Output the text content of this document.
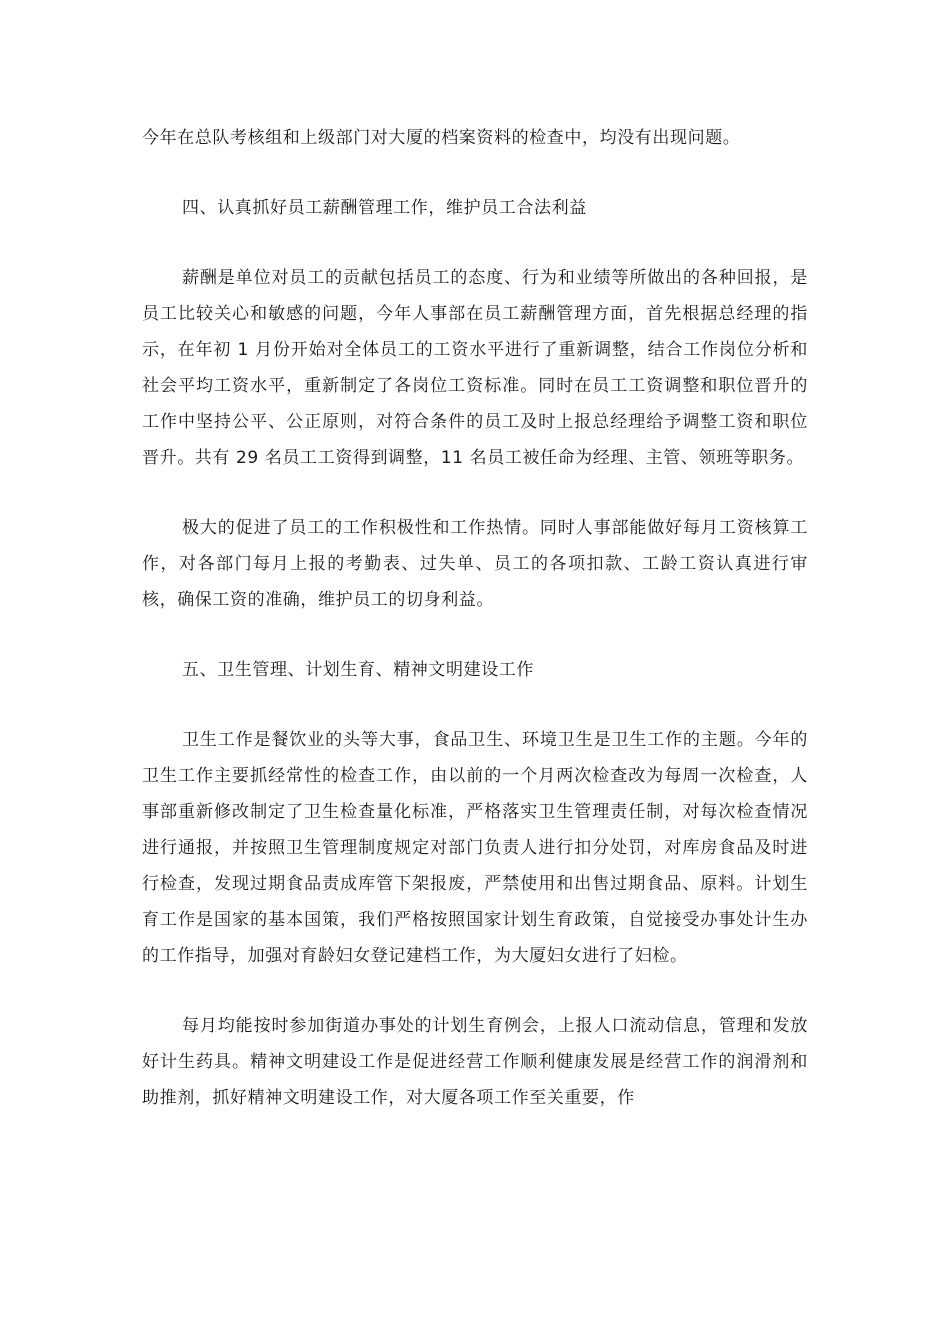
今年在总队考核组和上级部门对大厦的档案资料的检查中，均没有出现问题。

四、认真抓好员工薪酬管理工作，维护员工合法利益

薪酬是单位对员工的贡献包括员工的态度、行为和业绩等所做出的各种回报，是员工比较关心和敏感的问题，今年人事部在员工薪酬管理方面，首先根据总经理的指示，在年初 1 月份开始对全体员工的工资水平进行了重新调整，结合工作岗位分析和社会平均工资水平，重新制定了各岗位工资标准。同时在员工工资调整和职位晋升的工作中坚持公平、公正原则，对符合条件的员工及时上报总经理给予调整工资和职位晋升。共有 29 名员工工资得到调整，11 名员工被任命为经理、主管、领班等职务。

极大的促进了员工的工作积极性和工作热情。同时人事部能做好每月工资核算工作，对各部门每月上报的考勤表、过失单、员工的各项扣款、工龄工资认真进行审核，确保工资的准确，维护员工的切身利益。

五、卫生管理、计划生育、精神文明建设工作

卫生工作是餐饮业的头等大事，食品卫生、环境卫生是卫生工作的主题。今年的卫生工作主要抓经常性的检查工作，由以前的一个月两次检查改为每周一次检查，人事部重新修改制定了卫生检查量化标准，严格落实卫生管理责任制，对每次检查情况进行通报，并按照卫生管理制度规定对部门负责人进行扣分处罚，对库房食品及时进行检查，发现过期食品责成库管下架报废，严禁使用和出售过期食品、原料。计划生育工作是国家的基本国策，我们严格按照国家计划生育政策，自觉接受办事处计生办的工作指导，加强对育龄妇女登记建档工作，为大厦妇女进行了妇检。

每月均能按时参加街道办事处的计划生育例会，上报人口流动信息，管理和发放好计生药具。精神文明建设工作是促进经营工作顺利健康发展是经营工作的润滑剂和助推剂，抓好精神文明建设工作，对大厦各项工作至关重要，作
